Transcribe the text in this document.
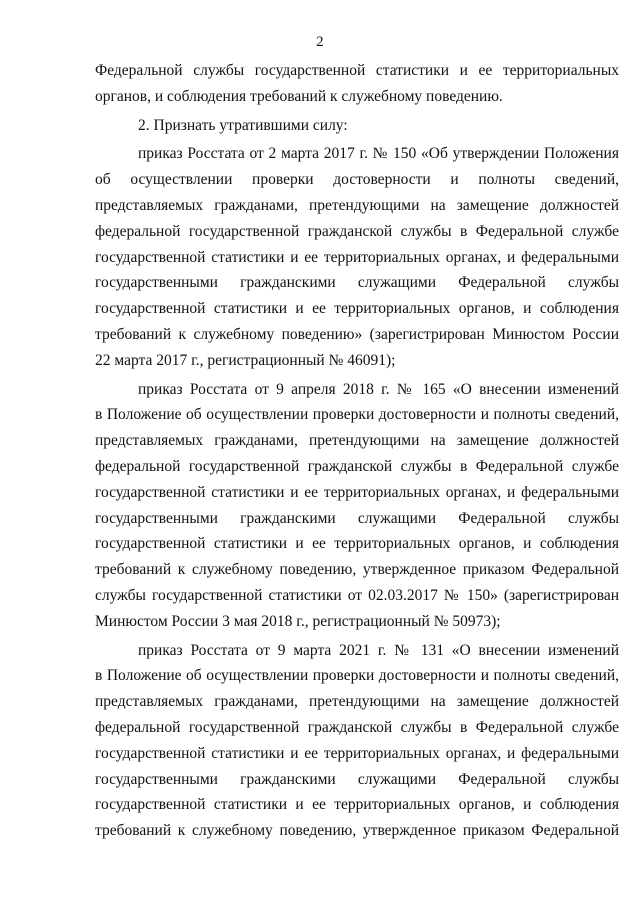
2
Федеральной службы государственной статистики и ее территориальных
органов, и соблюдения требований к служебному поведению.
2. Признать утратившими силу:
приказ Росстата от 2 марта 2017 г. № 150 «Об утверждении Положения
об осуществлении проверки достоверности и полноты сведений,
представляемых гражданами, претендующими на замещение должностей
федеральной государственной гражданской службы в Федеральной службе
государственной статистики и ее территориальных органах, и федеральными
государственными гражданскими служащими Федеральной службы
государственной статистики и ее территориальных органов, и соблюдения
требований к служебному поведению» (зарегистрирован Минюстом России
22 марта 2017 г., регистрационный № 46091);
приказ Росстата от 9 апреля 2018 г. № 165 «О внесении изменений
в Положение об осуществлении проверки достоверности и полноты сведений,
представляемых гражданами, претендующими на замещение должностей
федеральной государственной гражданской службы в Федеральной службе
государственной статистики и ее территориальных органах, и федеральными
государственными гражданскими служащими Федеральной службы
государственной статистики и ее территориальных органов, и соблюдения
требований к служебному поведению, утвержденное приказом Федеральной
службы государственной статистики от 02.03.2017 № 150» (зарегистрирован
Минюстом России 3 мая 2018 г., регистрационный № 50973);
приказ Росстата от 9 марта 2021 г. № 131 «О внесении изменений
в Положение об осуществлении проверки достоверности и полноты сведений,
представляемых гражданами, претендующими на замещение должностей
федеральной государственной гражданской службы в Федеральной службе
государственной статистики и ее территориальных органах, и федеральными
государственными гражданскими служащими Федеральной службы
государственной статистики и ее территориальных органов, и соблюдения
требований к служебному поведению, утвержденное приказом Федеральной
